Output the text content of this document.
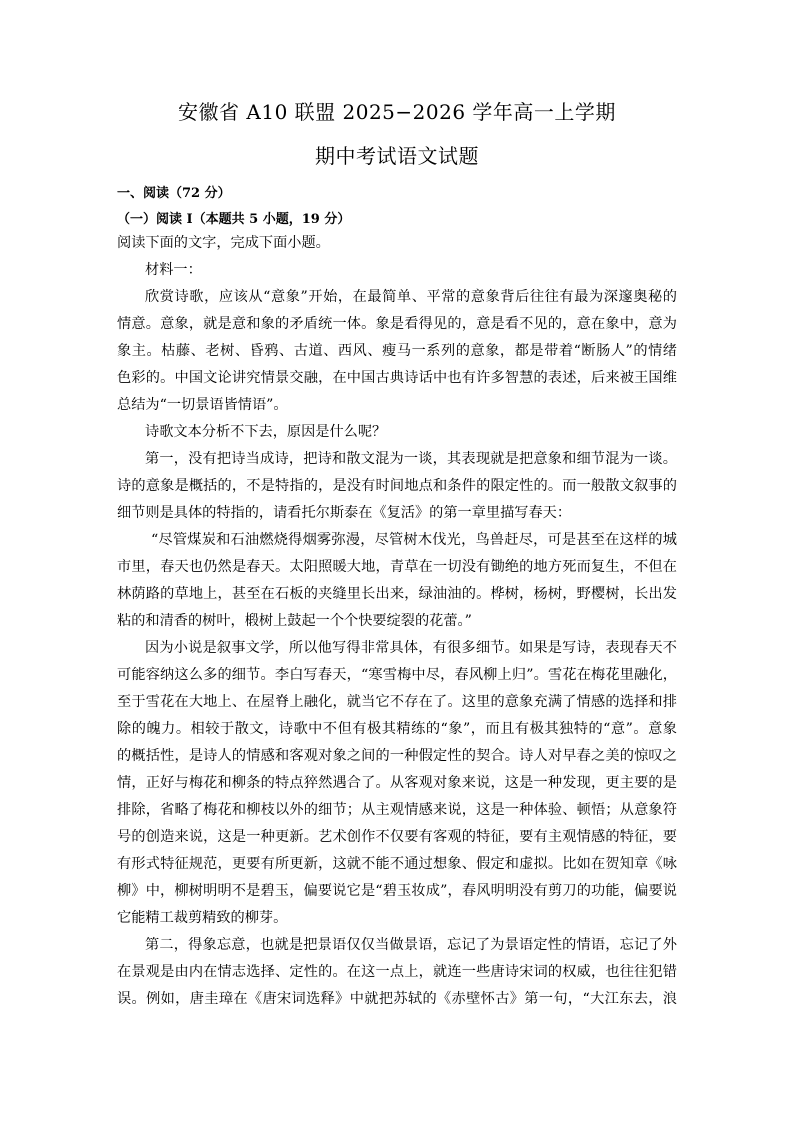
安徽省 A10 联盟 2025−2026 学年高一上学期
期中考试语文试题
一、阅读（72 分）
（一）阅读 I（本题共 5 小题，19 分）
阅读下面的文字，完成下面小题。
材料一：
欣赏诗歌，应该从“意象”开始，在最简单、平常的意象背后往往有最为深邃奥秘的
情意。意象，就是意和象的矛盾统一体。象是看得见的，意是看不见的，意在象中，意为
象主。枯藤、老树、昏鸦、古道、西风、瘦马一系列的意象，都是带着“断肠人”的情绪
色彩的。中国文论讲究情景交融，在中国古典诗话中也有许多智慧的表述，后来被王国维
总结为“一切景语皆情语”。
诗歌文本分析不下去，原因是什么呢？
第一，没有把诗当成诗，把诗和散文混为一谈，其表现就是把意象和细节混为一谈。
诗的意象是概括的，不是特指的，是没有时间地点和条件的限定性的。而一般散文叙事的
细节则是具体的特指的，请看托尔斯泰在《复活》的第一章里描写春天：
“尽管煤炭和石油燃烧得烟雾弥漫，尽管树木伐光，鸟兽赶尽，可是甚至在这样的城
市里，春天也仍然是春天。太阳照暖大地，青草在一切没有锄绝的地方死而复生，不但在
林荫路的草地上，甚至在石板的夹缝里长出来，绿油油的。桦树，杨树，野樱树，长出发
粘的和清香的树叶，椴树上鼓起一个个快要绽裂的花蕾。”
因为小说是叙事文学，所以他写得非常具体，有很多细节。如果是写诗，表现春天不
可能容纳这么多的细节。李白写春天，“寒雪梅中尽，春风柳上归”。雪花在梅花里融化，
至于雪花在大地上、在屋脊上融化，就当它不存在了。这里的意象充满了情感的选择和排
除的魄力。相较于散文，诗歌中不但有极其精练的“象”，而且有极其独特的“意”。意象
的概括性，是诗人的情感和客观对象之间的一种假定性的契合。诗人对早春之美的惊叹之
情，正好与梅花和柳条的特点猝然遇合了。从客观对象来说，这是一种发现，更主要的是
排除，省略了梅花和柳枝以外的细节；从主观情感来说，这是一种体验、顿悟；从意象符
号的创造来说，这是一种更新。艺术创作不仅要有客观的特征，要有主观情感的特征，要
有形式特征规范，更要有所更新，这就不能不通过想象、假定和虚拟。比如在贺知章《咏
柳》中，柳树明明不是碧玉，偏要说它是“碧玉妆成”，春风明明没有剪刀的功能，偏要说
它能精工裁剪精致的柳芽。
第二，得象忘意，也就是把景语仅仅当做景语，忘记了为景语定性的情语，忘记了外
在景观是由内在情志选择、定性的。在这一点上，就连一些唐诗宋词的权威，也往往犯错
误。例如，唐圭璋在《唐宋词选释》中就把苏轼的《赤壁怀古》第一句，“大江东去，浪
